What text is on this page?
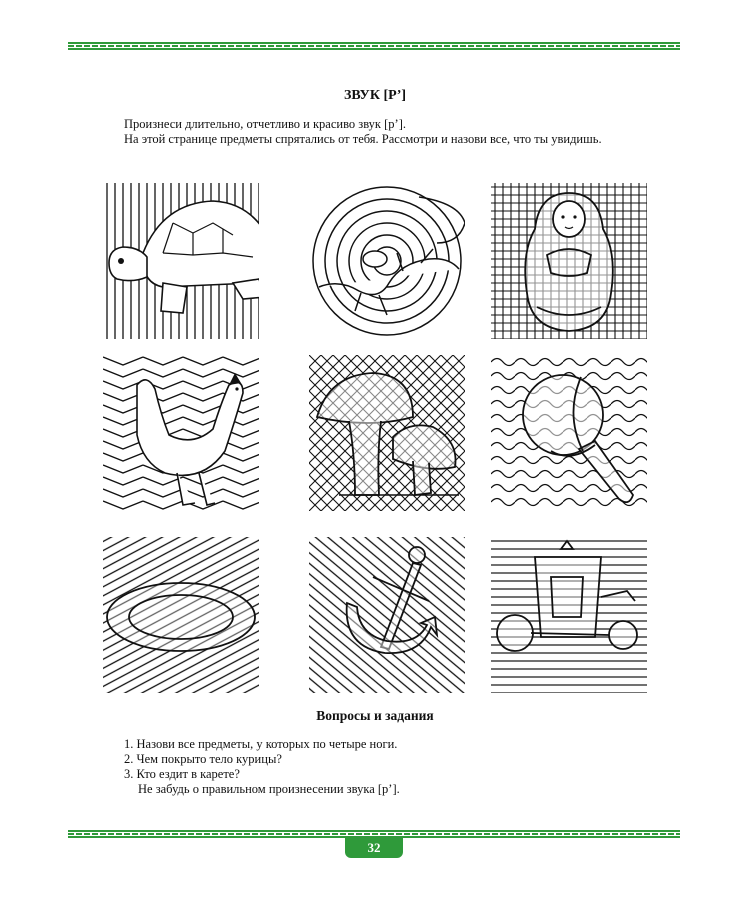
ЗВУК [Р’]
Произнеси длительно, отчетливо и красиво звук [р’].
На этой странице предметы спрятались от тебя. Рассмотри и назови все, что ты увидишь.
Вопросы и задания
1. Назови все предметы, у которых по четыре ноги.
2. Чем покрыто тело курицы?
3. Кто ездит в карете?
Не забудь о правильном произнесении звука [р’].
32
